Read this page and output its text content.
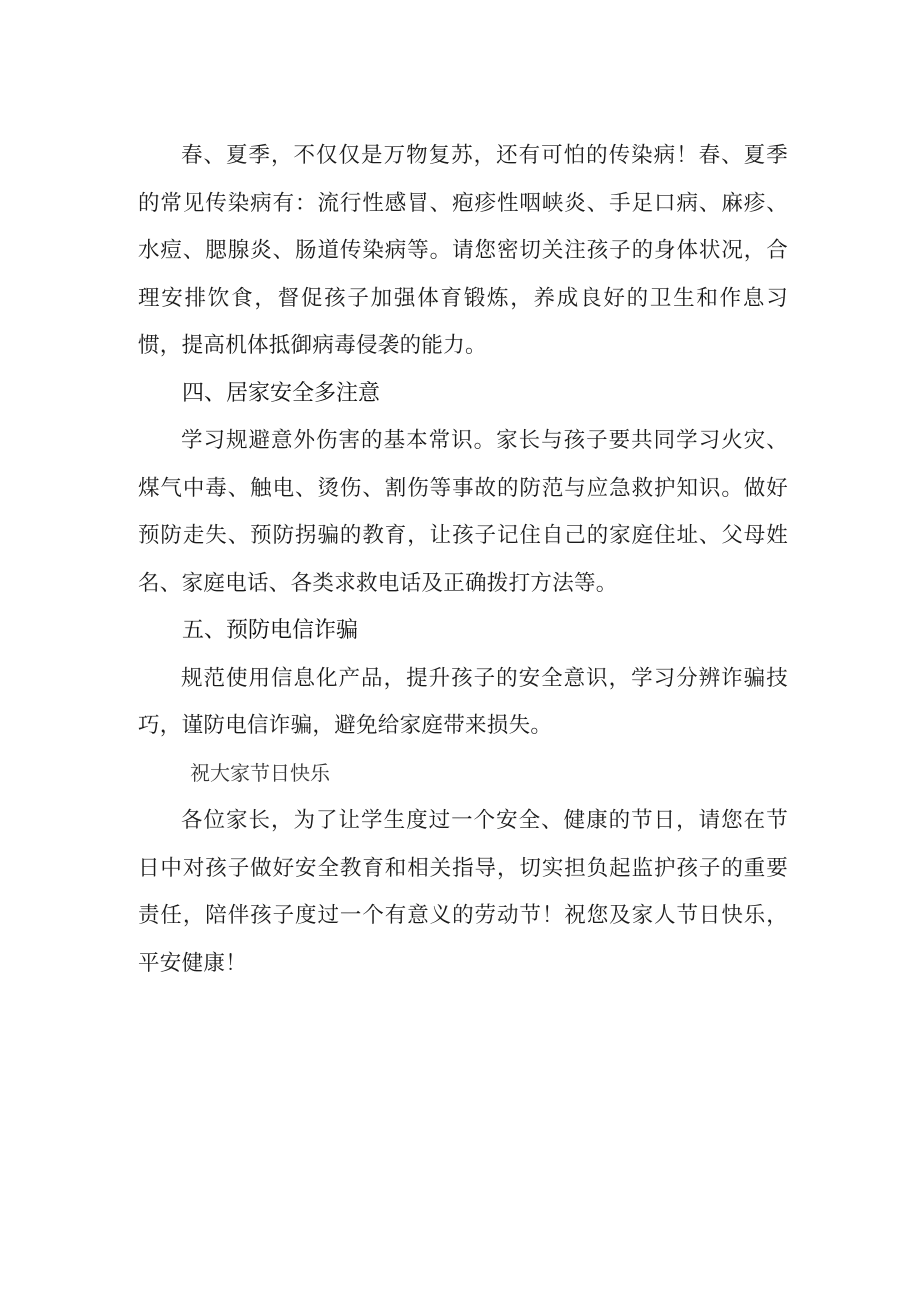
春、夏季，不仅仅是万物复苏，还有可怕的传染病！春、夏季的常见传染病有：流行性感冒、疱疹性咽峡炎、手足口病、麻疹、水痘、腮腺炎、肠道传染病等。请您密切关注孩子的身体状况，合理安排饮食，督促孩子加强体育锻炼，养成良好的卫生和作息习惯，提高机体抵御病毒侵袭的能力。

四、居家安全多注意

学习规避意外伤害的基本常识。家长与孩子要共同学习火灾、煤气中毒、触电、烫伤、割伤等事故的防范与应急救护知识。做好预防走失、预防拐骗的教育，让孩子记住自己的家庭住址、父母姓名、家庭电话、各类求救电话及正确拨打方法等。

五、预防电信诈骗

规范使用信息化产品，提升孩子的安全意识，学习分辨诈骗技巧，谨防电信诈骗，避免给家庭带来损失。

祝大家节日快乐

各位家长，为了让学生度过一个安全、健康的节日，请您在节日中对孩子做好安全教育和相关指导，切实担负起监护孩子的重要责任，陪伴孩子度过一个有意义的劳动节！祝您及家人节日快乐，平安健康！
